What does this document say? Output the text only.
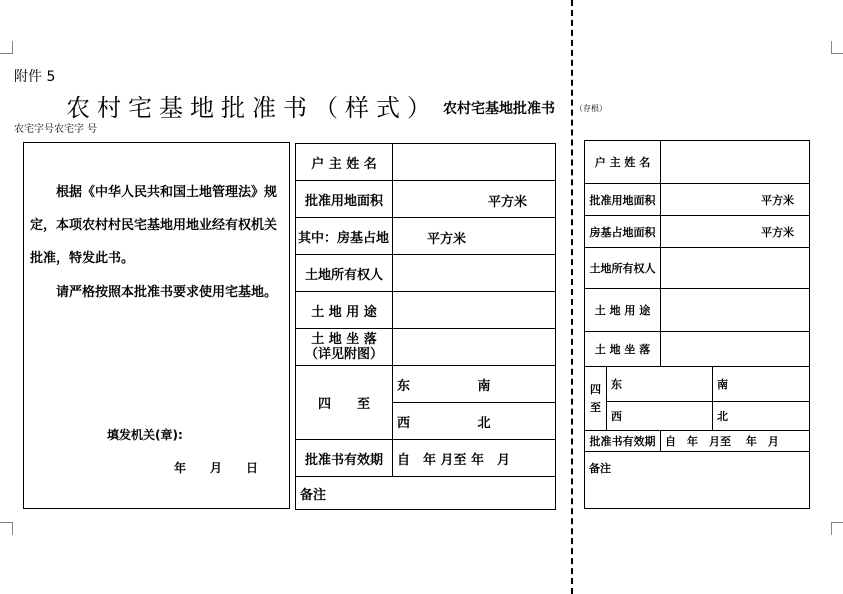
附件 5
农村宅基地批准书（样式） 农村宅基地批准书	（存根）
农宅字号农宅字 号
根据《中华人民共和国土地管理法》规定，本项农村村民宅基地用地业经有权机关批准，特发此书。
请严格按照本批准书要求使用宅基地。
填发机关(章):
年　　月　　日
户 主 姓 名		
批准用地面积	平方米	

其中：房基占地	平方米	

土地所有权人		
土 地 用 途		

土 地 坐 落
（详见附图）		

四　　至	东	南
	西	北
批准书有效期	自　年 月至 年　月	
备注		
户 主 姓 名			
批准用地面积		平方米	

房基占地面积		平方米	

土地所有权人			
土 地 用 途			
土 地 坐 落			
四至	东		南
	西		北
批准书有效期		自　年　月至　 年　月	
备注			
